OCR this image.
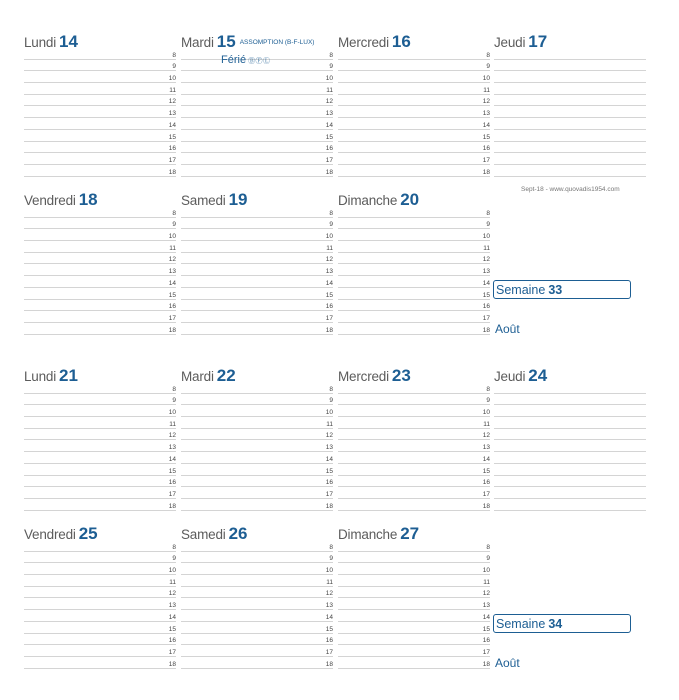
Lundi 14
8
9
10
11
12
13
14
15
16
17
18
Mardi 15 ASSOMPTION (B-F-LUX)
8
9
10
11
12
13
14
15
16
17
18
Férié ⒷⒻⓁ
Mercredi 16
8
9
10
11
12
13
14
15
16
17
18
Jeudi 17
Vendredi 18
8
9
10
11
12
13
14
15
16
17
18
Samedi 19
8
9
10
11
12
13
14
15
16
17
18
Dimanche 20
8
9
10
11
12
13
14
15
16
17
18
Sept-18 - www.quovadis1954.com
Semaine 33
Août
Lundi 21
8
9
10
11
12
13
14
15
16
17
18
Mardi 22
8
9
10
11
12
13
14
15
16
17
18
Mercredi 23
8
9
10
11
12
13
14
15
16
17
18
Jeudi 24
Vendredi 25
8
9
10
11
12
13
14
15
16
17
18
Samedi 26
8
9
10
11
12
13
14
15
16
17
18
Dimanche 27
8
9
10
11
12
13
14
15
16
17
18
Semaine 34
Août
